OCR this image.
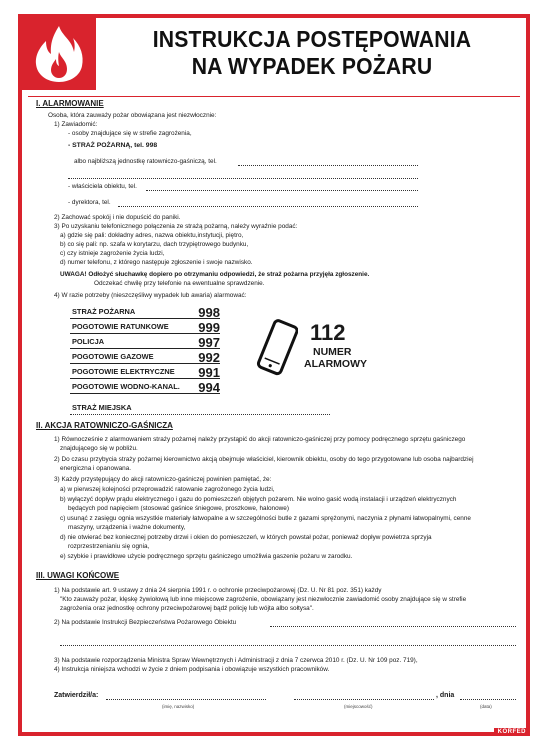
INSTRUKCJA POSTĘPOWANIA
NA WYPADEK POŻARU
I. ALARMOWANIE
Osoba, która zauważy pożar obowiązana jest niezwłocznie:
1) Zawiadomić:
- osoby znajdujące się w strefie zagrożenia,
- STRAŻ POŻARNĄ, tel. 998
albo najbliższą jednostkę ratowniczo-gaśniczą, tel.
- właściciela obiektu, tel.
- dyrektora, tel.
2) Zachować spokój i nie dopuścić do paniki.
3) Po uzyskaniu telefonicznego połączenia ze strażą pożarną, należy wyraźnie podać:
a) gdzie się pali: dokładny adres, nazwa obiektu,instytucji, piętro,
b) co się pali: np. szafa w korytarzu, dach trzypiętrowego budynku,
c) czy istnieje zagrożenie życia ludzi,
d) numer telefonu, z którego następuje zgłoszenie i swoje nazwisko.
UWAGA! Odłożyć słuchawkę dopiero po otrzymaniu odpowiedzi, że straż pożarna przyjęła zgłoszenie.
Odczekać chwilę przy telefonie na ewentualne sprawdzenie.
4) W razie potrzeby (nieszczęśliwy wypadek lub awaria) alarmować:
STRAŻ POŻARNA	998
POGOTOWIE RATUNKOWE 999
POLICJA	997
POGOTOWIE GAZOWE	992
POGOTOWIE ELEKTRYCZNE 991
POGOTOWIE WODNO-KANAL. 994
STRAŻ MIEJSKA
112
NUMER
ALARMOWY
II. AKCJA RATOWNICZO-GAŚNICZA
1) Równocześnie z alarmowaniem straży pożarnej należy przystąpić do akcji ratowniczo-gaśniczej przy pomocy podręcznego sprzętu gaśniczego
znajdującego się w pobliżu.
2) Do czasu przybycia straży pożarnej kierownictwo akcją obejmuje właściciel, kierownik obiektu, osoby do tego przygotowane lub osoba najbardziej
energiczna i opanowana.
3) Każdy przystępujący do akcji ratowniczo-gaśniczej powinien pamiętać, że:
a) w pierwszej kolejności przeprowadzić ratowanie zagrożonego życia ludzi,
b) wyłączyć dopływ prądu elektrycznego i gazu do pomieszczeń objętych pożarem. Nie wolno gasić wodą instalacji i urządzeń elektrycznych
będących pod napięciem (stosować gaśnice śniegowe, proszkowe, halonowe)
c) usunąć z zasięgu ognia wszystkie materiały łatwopalne a w szczególności butle z gazami sprężonymi, naczynia z płynami łatwopalnymi, cenne
maszyny, urządzenia i ważne dokumenty,
d) nie otwierać bez koniecznej potrzeby drzwi i okien do pomieszczeń, w których powstał pożar, ponieważ dopływ powietrza sprzyja
rozprzestrzenianiu się ognia,
e) szybkie i prawidłowe użycie podręcznego sprzętu gaśniczego umożliwia gaszenie pożaru w zarodku.
III. UWAGI KOŃCOWE
1) Na podstawie art. 9 ustawy z dnia 24 sierpnia 1991 r. o ochronie przeciwpożarowej (Dz. U. Nr 81 poz. 351) każdy
"Kto zauważy pożar, klęskę żywiołową lub inne miejscowe zagrożenie, obowiązany jest niezwłocznie zawiadomić osoby znajdujące się w strefie
zagrożenia oraz jednostkę ochrony przeciwpożarowej bądź policję lub wójta albo sołtysa".
2) Na podstawie Instrukcji Bezpieczeństwa Pożarowego Obiektu
3) Na podstawie rozporządzenia Ministra Spraw Wewnętrznych i Administracji z dnia 7 czerwca 2010 r. (Dz. U. Nr 109 poz. 719),
4) Instrukcja niniejsza wchodzi w życie z dniem podpisania i obowiązuje wszystkich pracowników.
Zatwierdził/a:	, dnia
(imię, nazwisko)	(miejscowość)	(data)
KORFED
